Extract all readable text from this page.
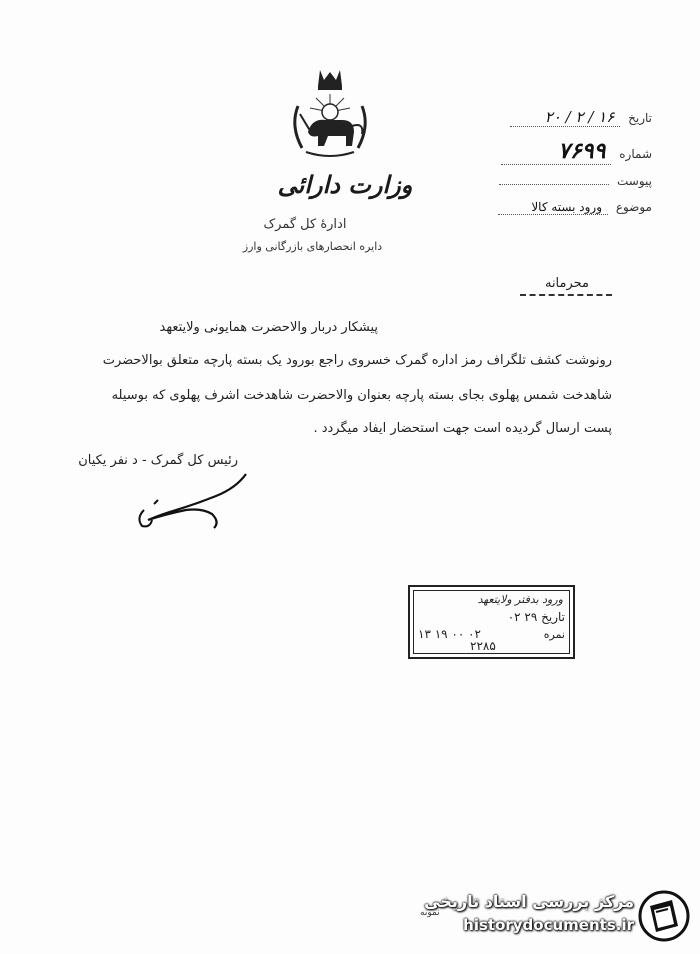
وزارت دارائی
ادارهٔ کل گمرک
دایره انحصارهای بازرگانی وارز
تاریخ ۱۶ / ۲ / ۲۰
شماره ۷۶۹۹
پیوست
موضوع ورود بسته کالا
محرمانه
پیشکار دربار والاحضرت همایونی ولایتعهد
رونوشت کشف تلگراف رمز اداره گمرک خسروی راجع بورود یک بسته پارچه متعلق بوالاحضرت
شاهدخت شمس پهلوی بجای بسته پارچه بعنوان والاحضرت شاهدخت اشرف پهلوی که بوسیله
پست ارسال گردیده است جهت استحضار ایفاد میگردد .
رئیس کل گمرک - د نفر یکیان
ورود بدفتر ولایتعهد
تاریخ ۲۹ ۰۲
۱۳ ۱۹ ۰۰ ۰۲	نمره
۲۲۸۵
نمونه
مرکز بررسی اسناد تاریخی
historydocuments.ir
